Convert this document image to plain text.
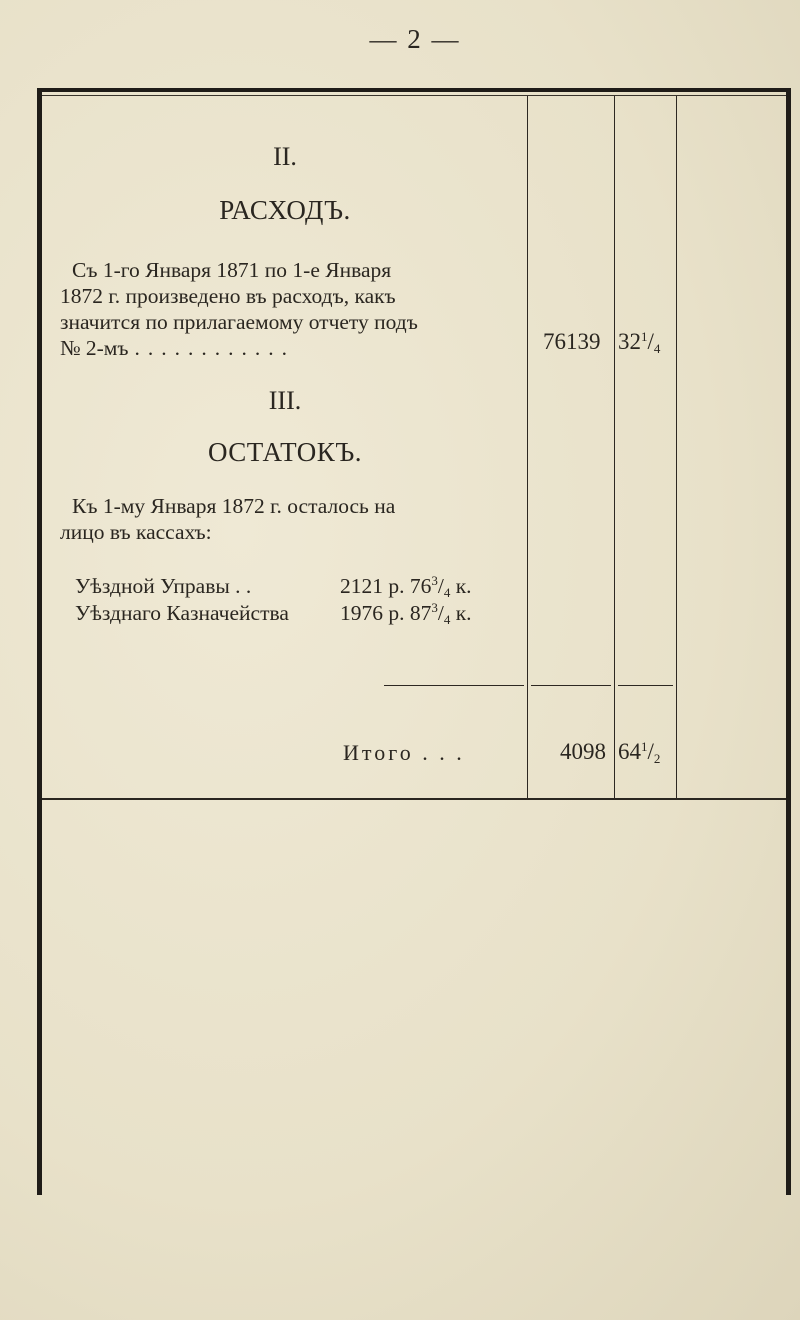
— 2 —
II.
РАСХОДЪ.
Съ 1-го Января 1871 по 1-е Января
1872 г. произведено въ расходъ, какъ
значится по прилагаемому отчету подъ
№ 2-мъ ............	76139 $32^1/4$
III.
ОСТАТОКЪ.
Къ 1-му Января 1872 г. осталось на
лицо въ кассахъ:
Уѣздной Управы . .	2121 р. $76^3/4$ к.
Уѣзднаго Казначейства	1976 р. $87^3/4$ к.
Итого . . .	4098 $64^1/2$
